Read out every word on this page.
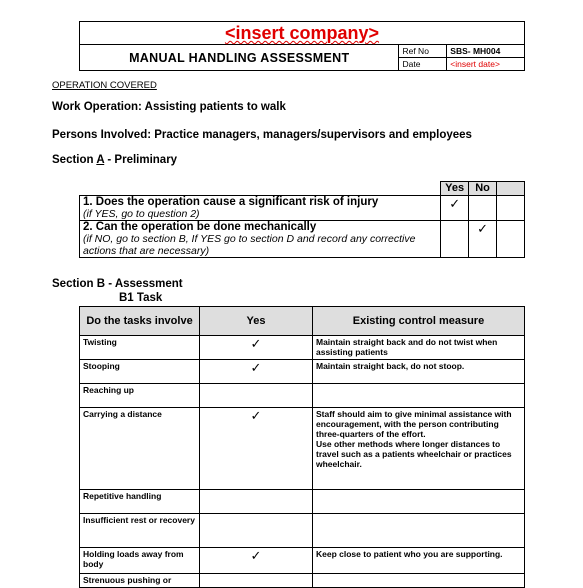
<insert company>		
MANUAL HANDLING ASSESSMENT	Ref No	SBS- MH004
	Date	<insert date>
OPERATION COVERED
Work Operation: Assisting patients to walk
Persons Involved: Practice managers, managers/supervisors and employees
Section A - Preliminary
	Yes	No	
1. Does the operation cause a significant risk of injury
(if YES, go to question 2)	✓		
2. Can the operation be done mechanically
(if NO, go to section B, If YES go to section D and record any corrective actions that are necessary)		✓	
Section B - Assessment
B1 Task
Do the tasks involve	Yes	Existing control measure
Twisting	✓	Maintain straight back and do not twist when assisting patients
Stooping	✓	Maintain straight back, do not stoop.
Reaching up		
Carrying a distance	✓	Staff should aim to give minimal assistance with encouragement, with the person contributing three-quarters of the effort.
Use other methods where longer distances to travel such as a patients wheelchair or practices wheelchair.
Repetitive handling		
Insufficient rest or recovery		
Holding loads away from body	✓	Keep close to patient who you are supporting.
Strenuous pushing or		
